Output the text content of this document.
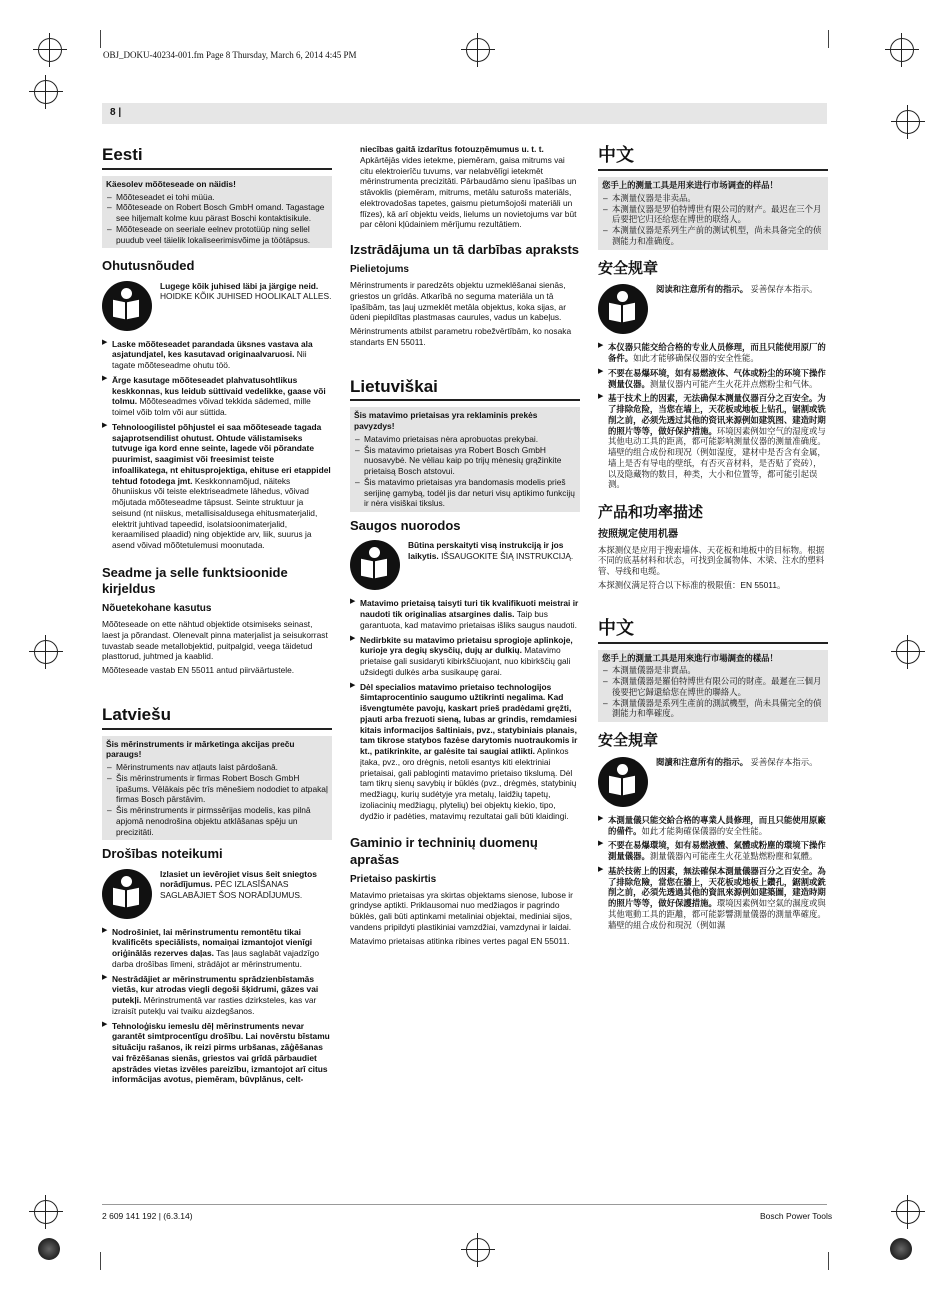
OBJ_DOKU-40234-001.fm Page 8 Thursday, March 6, 2014 4:45 PM
8 |
Eesti
Käesolev mõõteseade on näidis!
– Mõõteseadet ei tohi müüa.
– Mõõteseade on Robert Bosch GmbH omand. Tagastage see hiljemalt kolme kuu pärast Boschi kontaktisikule.
– Mõõteseade on seeriale eelnev prototüüp ning sellel puudub veel täielik lokaliseerimisvõime ja töötäpsus.
Ohutusnõuded
Lugege kõik juhised läbi ja järgige neid.
HOIDKE KÕIK JUHISED HOOLIKALT ALLES.
▶ Laske mõõteseadet parandada üksnes vastava ala asjatundjatel, kes kasutavad originaalvaruosi. Nii tagate mõõteseadme ohutu töö.
▶ Ärge kasutage mõõteseadet plahvatusohtlikus keskkonnas, kus leidub süttivaid vedelikke, gaase või tolmu. Mõõteseadmes võivad tekkida sädemed, mille toimel võib tolm või aur süttida.
▶ Tehnoloogilistel põhjustel ei saa mõõteseade tagada sajaprotsendilist ohutust. Ohtude välistamiseks tutvuge iga kord enne seinte, lagede või põrandate puurimist, saagimist või freesimist teiste infoallikatega, nt ehitusprojektiga, ehituse eri etappidel tehtud fotodega jmt. Keskkonnamõjud, näiteks õhuniiskus või teiste elektriseadmete lähedus, võivad mõjutada mõõteseadme täpsust. Seinte struktuur ja seisund (nt niiskus, metallisisaldusega ehitusmaterjalid, elektrit juhtivad tapeedid, isolatsioonimaterjalid, keraamilised plaadid) ning objektide arv, liik, suurus ja asend võivad mõõtetulemusi moonutada.
Seadme ja selle funktsioonide kirjeldus
Nõuetekohane kasutus

Mõõteseade on ette nähtud objektide otsimiseks seinast, laest ja põrandast. Olenevalt pinna materjalist ja seisukorrast tuvastab seade metallobjektid, puitpalgid, veega täidetud plasttorud, juhtmed ja kaablid.

Mõõteseade vastab EN 55011 antud piirväärtustele.

Latviešu
Šis mērinstruments ir mārketinga akcijas preču paraugs!
– Mērinstruments nav atļauts laist pārdošanā.
– Šis mērinstruments ir firmas Robert Bosch GmbH īpašums. Vēlākais pēc trīs mēnešiem nododiet to atpakaļ firmas Bosch pārstāvim.
– Šis mērinstruments ir pirmssērijas modelis, kas pilnā apjomā nenodrošina objektu atklāšanas spēju un precizitāti.
Drošības noteikumi
Izlasiet un ievērojiet visus šeit sniegtos norādījumus. PĒC IZLASĪŠANAS SAGLABĀJIET ŠOS NORĀDĪJUMUS.
▶ Nodrošiniet, lai mērinstrumentu remontētu tikai kvalificēts speciālists, nomaiņai izmantojot vienīgi oriģinālās rezerves daļas. Tas ļaus saglabāt vajadzīgo darba drošības līmeni, strādājot ar mērinstrumentu.
▶ Nestrādājiet ar mērinstrumentu sprādzienbīstamās vietās, kur atrodas viegli degoši šķidrumi, gāzes vai putekļi. Mērinstrumentā var rasties dzirksteles, kas var izraisīt putekļu vai tvaiku aizdegšanos.
▶ Tehnoloģisku iemeslu dēļ mērinstruments nevar garantēt simtprocentīgu drošību. Lai novērstu bīstamu situāciju rašanos, ik reizi pirms urbšanas, zāģēšanas vai frēzēšanas sienās, griestos vai grīdā pārbaudiet apstrādes vietas izvēles pareizību, izmantojot arī citus informācijas avotus, piemēram, būvplānus, celt-

niecības gaitā izdarītus fotouzņēmumus u. t. t. Apkārtējās vides ietekme, piemēram, gaisa mitrums vai citu elektroierīču tuvums, var nelabvēlīgi ietekmēt mērinstrumenta precizitāti. Pārbaudāmo sienu īpašības un stāvoklis (piemēram, mitrums, metālu saturošs materiāls, elektrovadošas tapetes, gaismu pietumšojoši materiāli un flīzes), kā arī objektu veids, lielums un novietojums var būt par cēloni kļūdainiem mērījumu rezultātiem.

Izstrādājuma un tā darbības apraksts
Pielietojums

Mērinstruments ir paredzēts objektu uzmeklēšanai sienās, griestos un grīdās. Atkarībā no seguma materiāla un tā īpašībām, tas ļauj uzmeklēt metāla objektus, koka sijas, ar ūdeni piepildītas plastmasas caurules, vadus un kabeļus.

Mērinstruments atbilst parametru robežvērtībām, ko nosaka standarts EN 55011.

Lietuviškai
Šis matavimo prietaisas yra reklaminis prekės pavyzdys!
– Matavimo prietaisas nėra aprobuotas prekybai.
– Šis matavimo prietaisas yra Robert Bosch GmbH nuosavybė. Ne vėliau kaip po trijų mėnesių grąžinkite prietaisą Bosch atstovui.
– Šis matavimo prietaisas yra bandomasis modelis prieš serijinę gamybą, todėl jis dar neturi visų aptikimo funkcijų ir nėra visiškai tikslus.
Saugos nuorodos
Būtina perskaityti visą instrukciją ir jos laikytis. IŠSAUGOKITE ŠIĄ INSTRUKCIJĄ.
▶ Matavimo prietaisą taisyti turi tik kvalifikuoti meistrai ir naudoti tik originalias atsargines dalis. Taip bus garantuota, kad matavimo prietaisas išliks saugus naudoti.
▶ Nedirbkite su matavimo prietaisu sprogioje aplinkoje, kurioje yra degių skysčių, dujų ar dulkių. Matavimo prietaise gali susidaryti kibirkščiuojant, nuo kibirkščių gali užsidegti dulkės arba susikaupę garai.
▶ Dėl specialios matavimo prietaiso technologijos šimtaprocentinio saugumo užtikrinti negalima. Kad išvengtumėte pavojų, kaskart prieš pradėdami gręžti, pjauti arba frezuoti sieną, lubas ar grindis, remdamiesi kitais informacijos šaltiniais, pvz., statybiniais planais, tam tikrose statybos fazėse darytomis nuotraukomis ir kt., patikrinkite, ar galėsite tai saugiai atlikti. Aplinkos įtaka, pvz., oro drėgnis, netoli esantys kiti elektriniai prietaisai, gali pabloginti matavimo prietaiso tikslumą. Dėl tam tikrų sienų savybių ir būklės (pvz., drėgmės, statybinių medžiagų, kurių sudėtyje yra metalų, laidžių tapetų, izoliacinių medžiagų, plytelių) bei objektų kiekio, tipo, dydžio ir padėties, matavimų rezultatai gali būti klaidingi.
Gaminio ir techninių duomenų aprašas
Prietaiso paskirtis

Matavimo prietaisas yra skirtas objektams sienose, lubose ir grindyse aptikti. Priklausomai nuo medžiagos ir pagrindo būklės, gali būti aptinkami metaliniai objektai, mediniai sijos, vandens pripildyti plastikiniai vamzdžiai, vamzdynai ir laidai.

Matavimo prietaisas atitinka ribines vertes pagal EN 55011.

中文
您手上的测量工具是用来进行市场调查的样品！
– 本测量仪器是非卖品。
– 本测量仪器是罗伯特博世有限公司的财产。最迟在三个月后要把它归还给您在博世的联络人。
– 本测量仪器是系列生产前的测试机型，尚未具备完全的侦测能力和准确度。
安全规章
阅读和注意所有的指示。 妥善保存本指示。
▶ 本仪器只能交给合格的专业人员修理，而且只能使用原厂的备件。如此才能够确保仪器的安全性能。
▶ 不要在易爆环境，如有易燃液体、气体或粉尘的环境下操作测量仪器。测量仪器内可能产生火花并点燃粉尘和气体。
▶ 基于技术上的因素，无法确保本测量仪器百分之百安全。为了排除危险，当您在墙上，天花板或地板上钻孔，锯割或铣削之前，必须先透过其他的资讯来源例如建筑图、建造时期的照片等等，做好保护措施。环境因素例如空气的湿度或与其他电动工具的距离，都可能影响测量仪器的测量准确度。墙壁的组合成份和现况（例如湿度，建材中是否含有金属，墙上是否有导电的壁纸，有否灭音材料，是否贴了瓷砖），以及隐藏物的数目，种类，大小和位置等，都可能引起误测。
产品和功率描述
按照规定使用机器

本探测仪是应用于搜索墙体、天花板和地板中的目标物。根据不同的底基材料和状态，可找到金属物体、木梁、注水的塑料管、导线和电缆。

本探测仪满足符合以下标准的极限值：EN 55011。

中文
您手上的測量工具是用來進行市場調查的樣品！
– 本測量儀器是非賣品。
– 本測量儀器是羅伯特博世有限公司的財產。最遲在三個月後要把它歸還給您在博世的聯絡人。
– 本測量儀器是系列生產前的測試機型，尚未具備完全的偵測能力和準確度。
安全規章
閱讀和注意所有的指示。 妥善保存本指示。
▶ 本測量儀只能交給合格的專業人員修理，而且只能使用原廠的備件。如此才能夠確保儀器的安全性能。
▶ 不要在易爆環境，如有易燃液體、氣體或粉塵的環境下操作測量儀器。測量儀器內可能產生火花並點燃粉塵和氣體。
▶ 基於技術上的因素，無法確保本測量儀器百分之百安全。為了排除危險，當您在牆上，天花板或地板上鑽孔，鋸割或銑削之前，必須先透過其他的資訊來源例如建築圖，建造時期的照片等等，做好保護措施。環境因素例如空氣的濕度或與其他電動工具的距離，都可能影響測量儀器的測量準確度。牆壁的組合成份和現況（例如濕
2 609 141 192 | (6.3.14)	Bosch Power Tools
